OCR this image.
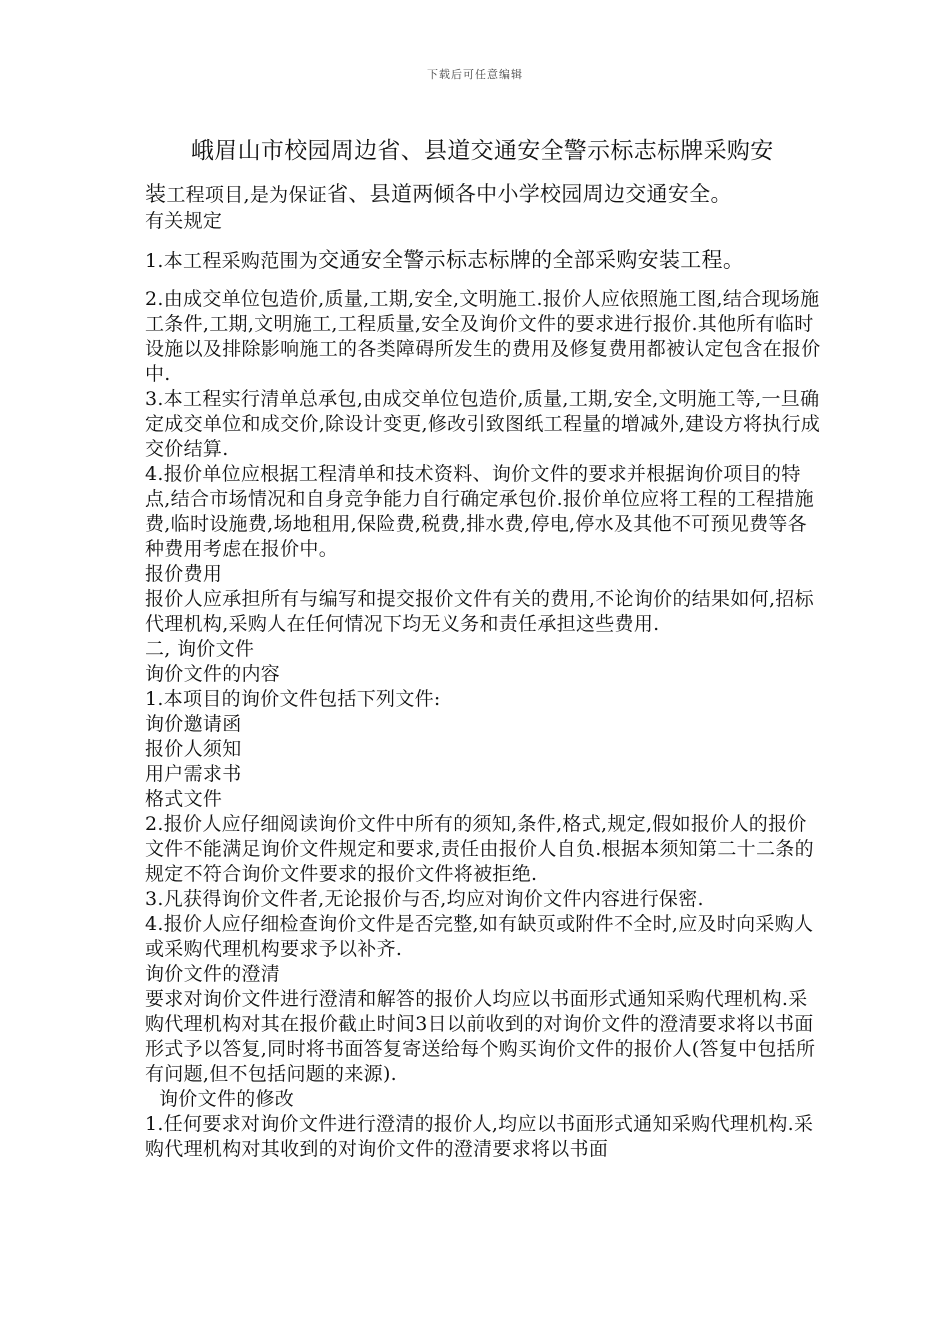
下载后可任意编辑

峨眉山市校园周边省、县道交通安全警示标志标牌采购安

装工程项目,是为保证省、县道两倾各中小学校园周边交通安全。

有关规定

1.本工程采购范围为交通安全警示标志标牌的全部采购安装工程。

2.由成交单位包造价,质量,工期,安全,文明施工.报价人应依照施工图,结合现场施工条件,工期,文明施工,工程质量,安全及询价文件的要求进行报价.其他所有临时设施以及排除影响施工的各类障碍所发生的费用及修复费用都被认定包含在报价中.

3.本工程实行清单总承包,由成交单位包造价,质量,工期,安全,文明施工等,一旦确定成交单位和成交价,除设计变更,修改引致图纸工程量的增减外,建设方将执行成交价结算.

4.报价单位应根据工程清单和技术资料、询价文件的要求并根据询价项目的特点,结合市场情况和自身竞争能力自行确定承包价.报价单位应将工程的工程措施费,临时设施费,场地租用,保险费,税费,排水费,停电,停水及其他不可预见费等各种费用考虑在报价中。

报价费用

报价人应承担所有与编写和提交报价文件有关的费用,不论询价的结果如何,招标代理机构,采购人在任何情况下均无义务和责任承担这些费用.

二, 询价文件

询价文件的内容

1.本项目的询价文件包括下列文件:

询价邀请函

报价人须知

用户需求书

格式文件

2.报价人应仔细阅读询价文件中所有的须知,条件,格式,规定,假如报价人的报价文件不能满足询价文件规定和要求,责任由报价人自负.根据本须知第二十二条的规定不符合询价文件要求的报价文件将被拒绝.

3.凡获得询价文件者,无论报价与否,均应对询价文件内容进行保密.

4.报价人应仔细检查询价文件是否完整,如有缺页或附件不全时,应及时向采购人或采购代理机构要求予以补齐.

询价文件的澄清

要求对询价文件进行澄清和解答的报价人均应以书面形式通知采购代理机构.采购代理机构对其在报价截止时间3日以前收到的对询价文件的澄清要求将以书面形式予以答复,同时将书面答复寄送给每个购买询价文件的报价人(答复中包括所有问题,但不包括问题的来源).

询价文件的修改

1.任何要求对询价文件进行澄清的报价人,均应以书面形式通知采购代理机构.采购代理机构对其收到的对询价文件的澄清要求将以书面
